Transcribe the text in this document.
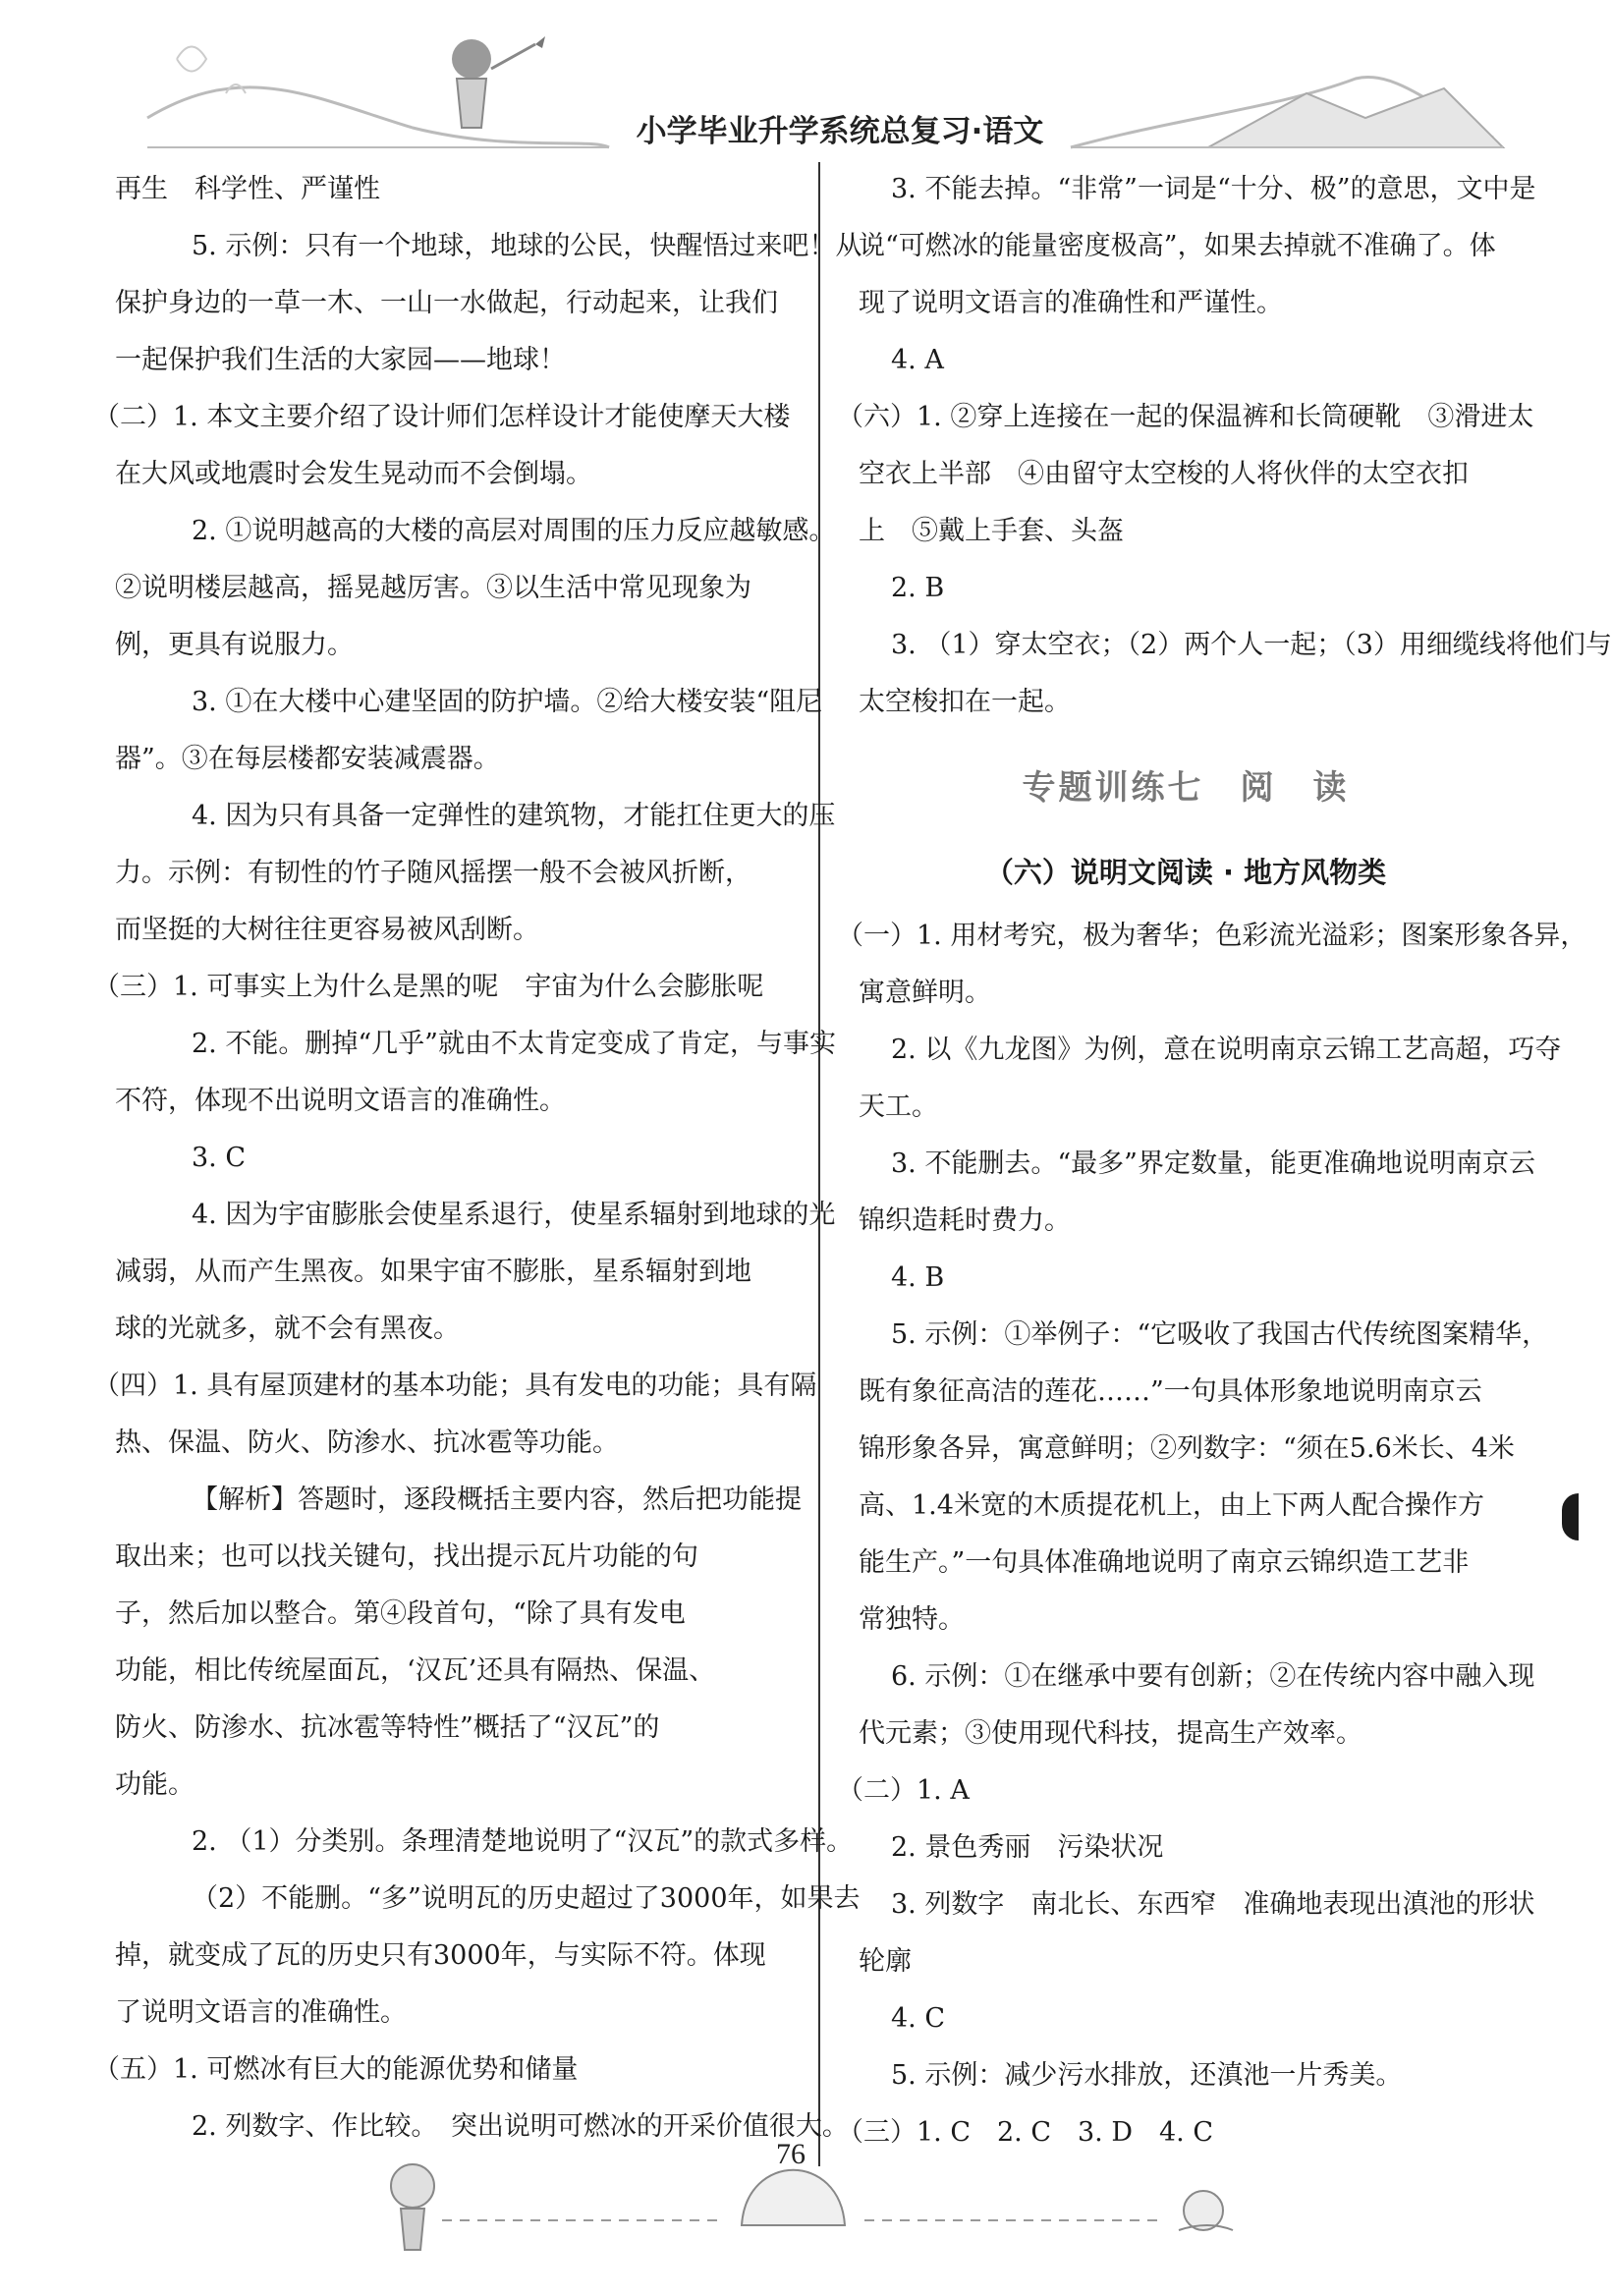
小学毕业升学系统总复习·语文
再生　科学性、严谨性
5. 示例：只有一个地球，地球的公民，快醒悟过来吧！从
保护身边的一草一木、一山一水做起，行动起来，让我们
一起保护我们生活的大家园——地球！
（二）1. 本文主要介绍了设计师们怎样设计才能使摩天大楼
在大风或地震时会发生晃动而不会倒塌。
2. ①说明越高的大楼的高层对周围的压力反应越敏感。
②说明楼层越高，摇晃越厉害。③以生活中常见现象为
例，更具有说服力。
3. ①在大楼中心建坚固的防护墙。②给大楼安装“阻尼
器”。③在每层楼都安装减震器。
4. 因为只有具备一定弹性的建筑物，才能扛住更大的压
力。示例：有韧性的竹子随风摇摆一般不会被风折断，
而坚挺的大树往往更容易被风刮断。
（三）1. 可事实上为什么是黑的呢　宇宙为什么会膨胀呢
2. 不能。删掉“几乎”就由不太肯定变成了肯定，与事实
不符，体现不出说明文语言的准确性。
3. C
4. 因为宇宙膨胀会使星系退行，使星系辐射到地球的光
减弱，从而产生黑夜。如果宇宙不膨胀，星系辐射到地
球的光就多，就不会有黑夜。
（四）1. 具有屋顶建材的基本功能；具有发电的功能；具有隔
热、保温、防火、防渗水、抗冰雹等功能。
【解析】答题时，逐段概括主要内容，然后把功能提
取出来；也可以找关键句，找出提示瓦片功能的句
子，然后加以整合。第④段首句，“除了具有发电
功能，相比传统屋面瓦，‘汉瓦’还具有隔热、保温、
防火、防渗水、抗冰雹等特性”概括了“汉瓦”的
功能。
2. （1）分类别。条理清楚地说明了“汉瓦”的款式多样。
（2）不能删。“多”说明瓦的历史超过了3000年，如果去
掉，就变成了瓦的历史只有3000年，与实际不符。体现
了说明文语言的准确性。
（五）1. 可燃冰有巨大的能源优势和储量
2. 列数字、作比较。　突出说明可燃冰的开采价值很大。
3. 不能去掉。“非常”一词是“十分、极”的意思，文中是
说“可燃冰的能量密度极高”，如果去掉就不准确了。体
现了说明文语言的准确性和严谨性。
4. A
（六）1. ②穿上连接在一起的保温裤和长筒硬靴　③滑进太
空衣上半部　④由留守太空梭的人将伙伴的太空衣扣
上　⑤戴上手套、头盔
2. B
3. （1）穿太空衣；（2）两个人一起；（3）用细缆线将他们与
太空梭扣在一起。
专题训练七　阅　读
（六）说明文阅读 · 地方风物类
（一）1. 用材考究，极为奢华；色彩流光溢彩；图案形象各异，
寓意鲜明。
2. 以《九龙图》为例，意在说明南京云锦工艺高超，巧夺
天工。
3. 不能删去。“最多”界定数量，能更准确地说明南京云
锦织造耗时费力。
4. B
5. 示例：①举例子：“它吸收了我国古代传统图案精华，
既有象征高洁的莲花……”一句具体形象地说明南京云
锦形象各异，寓意鲜明；②列数字：“须在5.6米长、4米
高、1.4米宽的木质提花机上，由上下两人配合操作方
能生产。”一句具体准确地说明了南京云锦织造工艺非
常独特。
6. 示例：①在继承中要有创新；②在传统内容中融入现
代元素；③使用现代科技，提高生产效率。
（二）1. A
2. 景色秀丽　污染状况
3. 列数字　南北长、东西窄　准确地表现出滇池的形状
轮廓
4. C
5. 示例：减少污水排放，还滇池一片秀美。
（三）1. C　2. C　3. D　4. C
76
